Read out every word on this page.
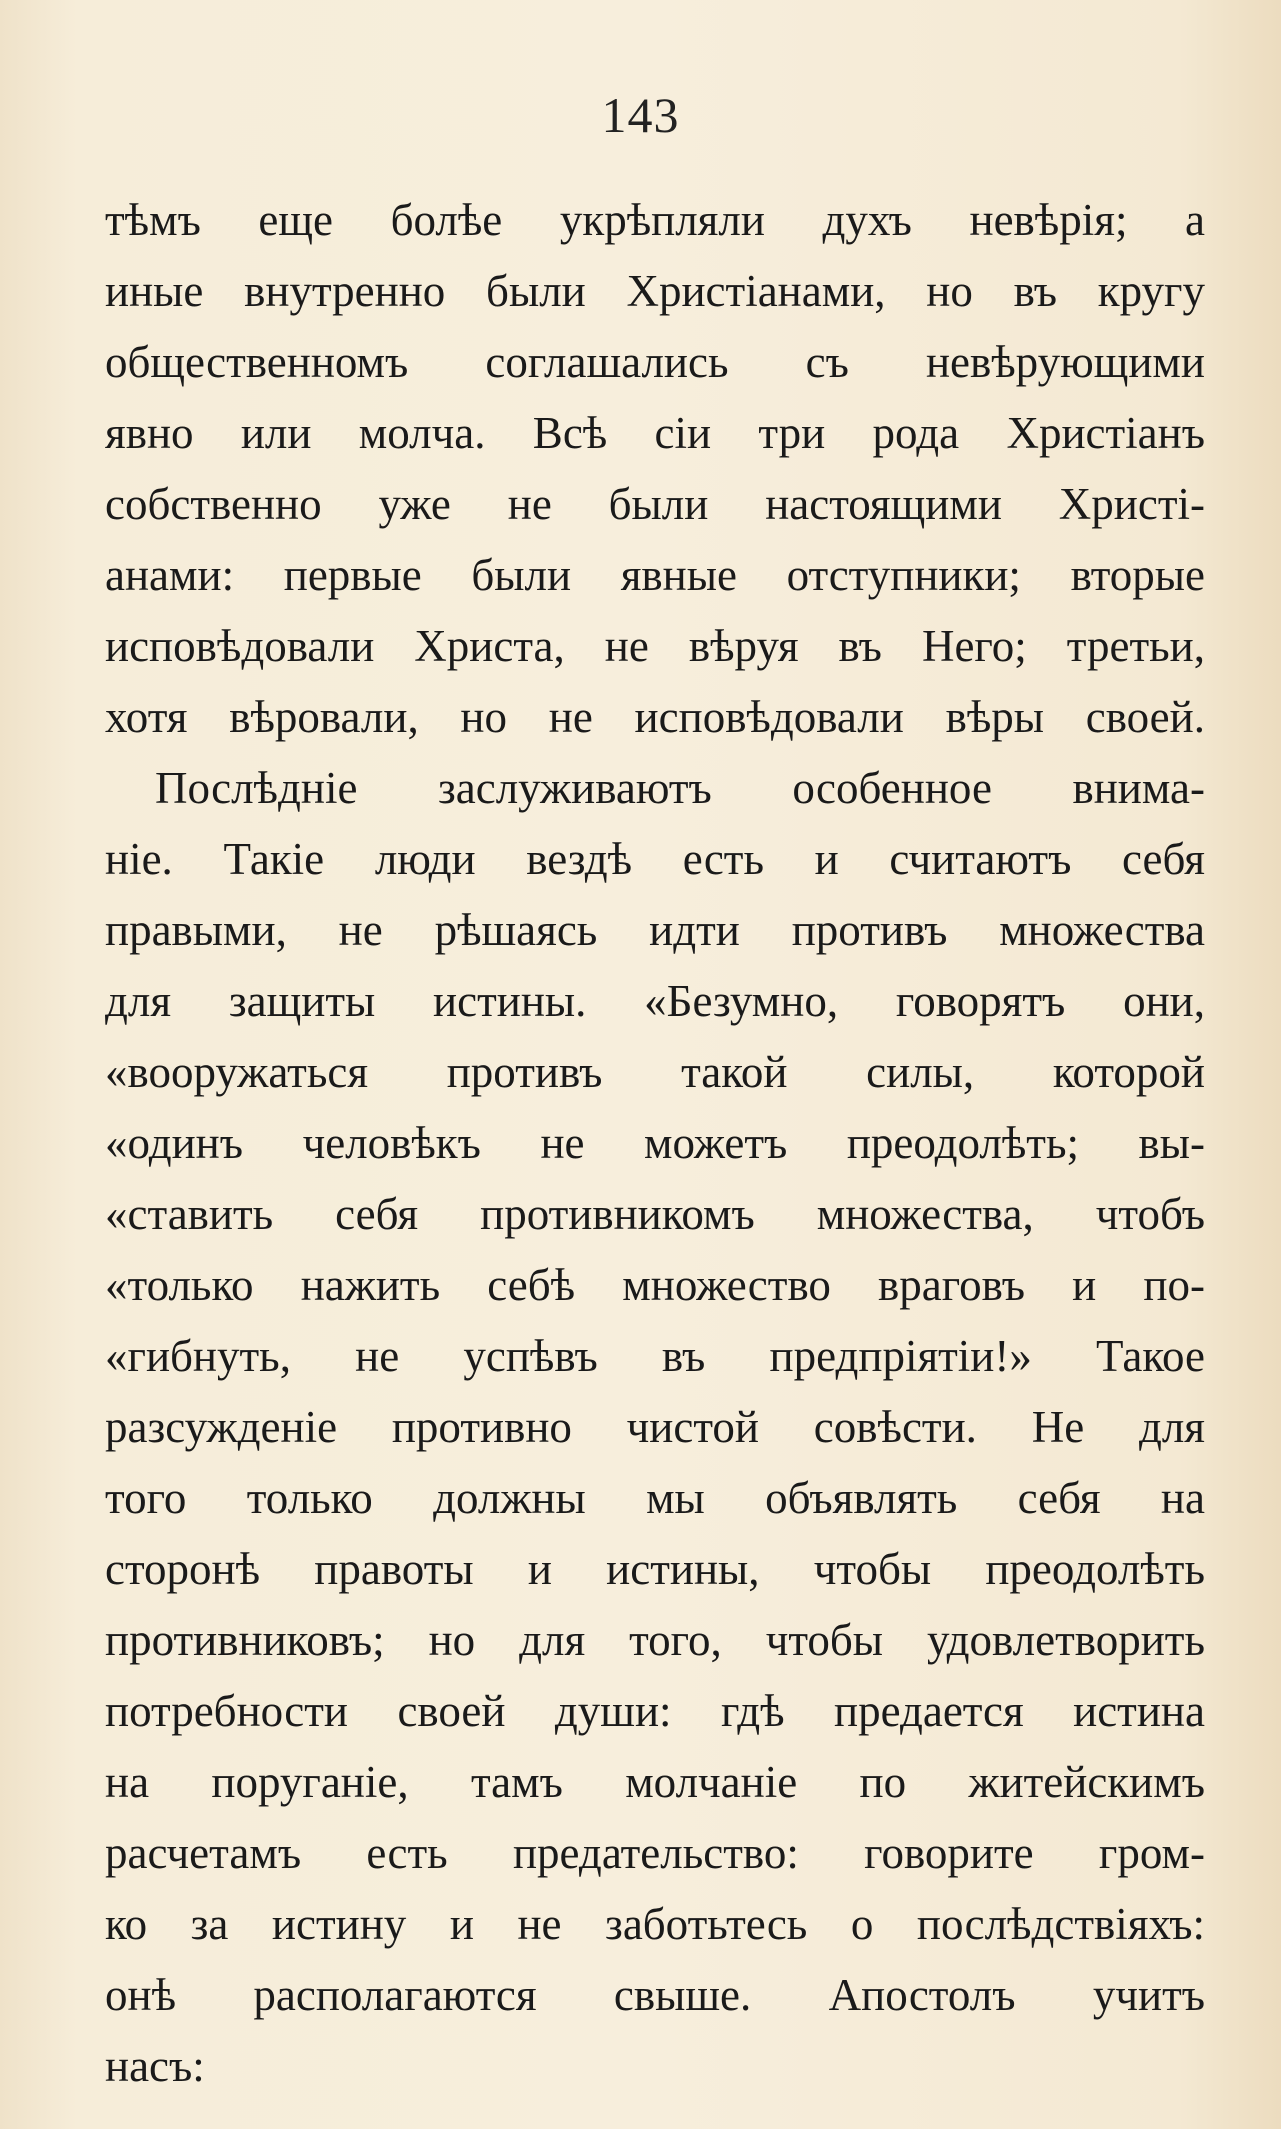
143
тѣмъ еще болѣе укрѣпляли духъ невѣрія; а
иные внутренно были Христіанами, но въ кругу
общественномъ соглашались съ невѣрующими
явно или молча. Всѣ сіи три рода Христіанъ
собственно уже не были настоящими Христі-
анами: первые были явные отступники; вторые
исповѣдовали Христа, не вѣруя въ Него; третьи,
хотя вѣровали, но не исповѣдовали вѣры своей.
Послѣдніе заслуживаютъ особенное внима-
ніе. Такіе люди вездѣ есть и считаютъ себя
правыми, не рѣшаясь идти противъ множества
для защиты истины. «Безумно, говорятъ они,
«вооружаться противъ такой силы, которой
«одинъ человѣкъ не можетъ преодолѣть; вы-
«ставить себя противникомъ множества, чтобъ
«только нажить себѣ множество враговъ и по-
«гибнуть, не успѣвъ въ предпріятіи!» Такое
разсужденіе противно чистой совѣсти. Не для
того только должны мы объявлять себя на
сторонѣ правоты и истины, чтобы преодолѣть
противниковъ; но для того, чтобы удовлетворить
потребности своей души: гдѣ предается истина
на поруганіе, тамъ молчаніе по житейскимъ
расчетамъ есть предательство: говорите гром-
ко за истину и не заботьтесь о послѣдствіяхъ:
онѣ располагаются свыше. Апостолъ учитъ
насъ:
